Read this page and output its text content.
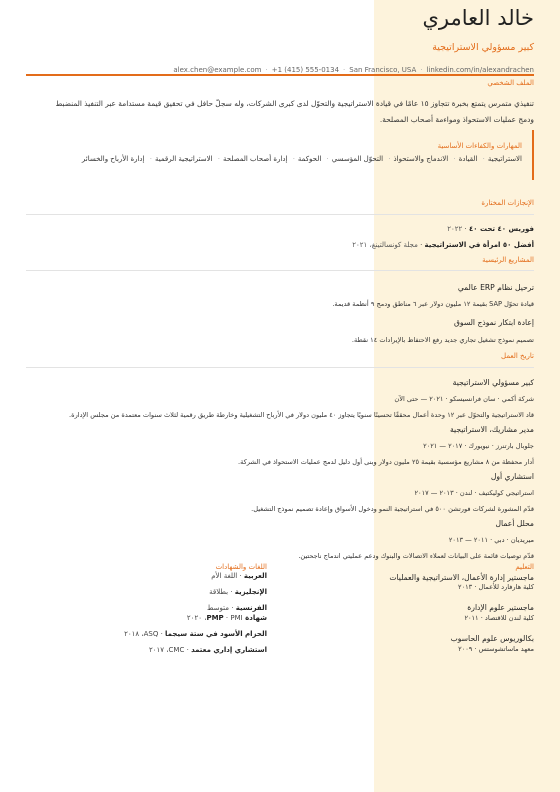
خالد العامري
كبير مسؤولي الاستراتيجية
alex.chen@example.com · +1 (415) 555-0134 · San Francisco, USA · linkedin.com/in/alexandrachen
الملف الشخصي

تنفيذي متمرس يتمتع بخبرة تتجاوز ١٥ عامًا في قيادة الاستراتيجية والتحوّل لدى كبرى الشركات، وله سجلّ حافل في تحقيق قيمة مستدامة عبر التنفيذ المنضبط ودمج عمليات الاستحواذ ومواءمة أصحاب المصلحة.

المهارات والكفاءات الأساسية
الاستراتيجية· القيادة· الاندماج والاستحواذ· التحوّل المؤسسي· الحوكمة· إدارة أصحاب المصلحة· الاستراتيجية الرقمية· إدارة الأرباح والخسائر
الإنجازات المختارة
فوربس ٤٠ تحت ٤٠ · ٢٠٢٢
أفضل ٥٠ امرأة في الاستراتيجية · مجلة كونسالتينغ، ٢٠٢١
المشاريع الرئيسية
ترحيل نظام ERP عالمي
قيادة تحوّل SAP بقيمة ١٢ مليون دولار عبر ٦ مناطق ودمج ٩ أنظمة قديمة.
إعادة ابتكار نموذج السوق
تصميم نموذج تشغيل تجاري جديد رفع الاحتفاظ بالإيرادات ١٤ نقطة.
تاريخ العمل
كبير مسؤولي الاستراتيجية
شركة أكمي · سان فرانسيسكو · ٢٠٢١ — حتى الآن
قاد الاستراتيجية والتحوّل عبر ١٢ وحدة أعمال محققًا تحسينًا سنويًا يتجاوز ٤٠ مليون دولار في الأرباح التشغيلية وخارطة طريق رقمية لثلاث سنوات معتمدة من مجلس الإدارة.
مدير مشاريك، الاستراتيجية
جلوبال بارتنرز · نيويورك · ٢٠١٧ — ٢٠٢١
أدار محفظة من ٨ مشاريع مؤسسية بقيمة ٢٥ مليون دولار وبنى أول دليل لدمج عمليات الاستحواذ في الشركة.
استشاري أول
استراتيجي كوليكتيف · لندن · ٢٠١٣ — ٢٠١٧
قدّم المشورة لشركات فورتشن ٥٠٠ في استراتيجية النمو ودخول الأسواق وإعادة تصميم نموذج التشغيل.
محلل أعمال
ميريديان · دبي · ٢٠١١ — ٢٠١٣
قدّم توصيات قائمة على البيانات لعملاء الاتصالات والبنوك ودعم عمليتي اندماج ناجحتين.
التعليم
ماجستير إدارة الأعمال، الاستراتيجية والعمليات
كلية هارفارد للأعمال · ٢٠١٣
ماجستير علوم الإدارة
كلية لندن للاقتصاد · ٢٠١١
بكالوريوس علوم الحاسوب
معهد ماساتشوستس · ٢٠٠٩
اللغات والشهادات
العربية · اللغة الأم
الإنجليزية · بطلاقة
الفرنسية · متوسط
شهادة PMP · PMI، ٢٠٢٠
الحزام الأسود في ستة سيجما · ASQ، ٢٠١٨
استشاري إداري معتمد · CMC، ٢٠١٧
